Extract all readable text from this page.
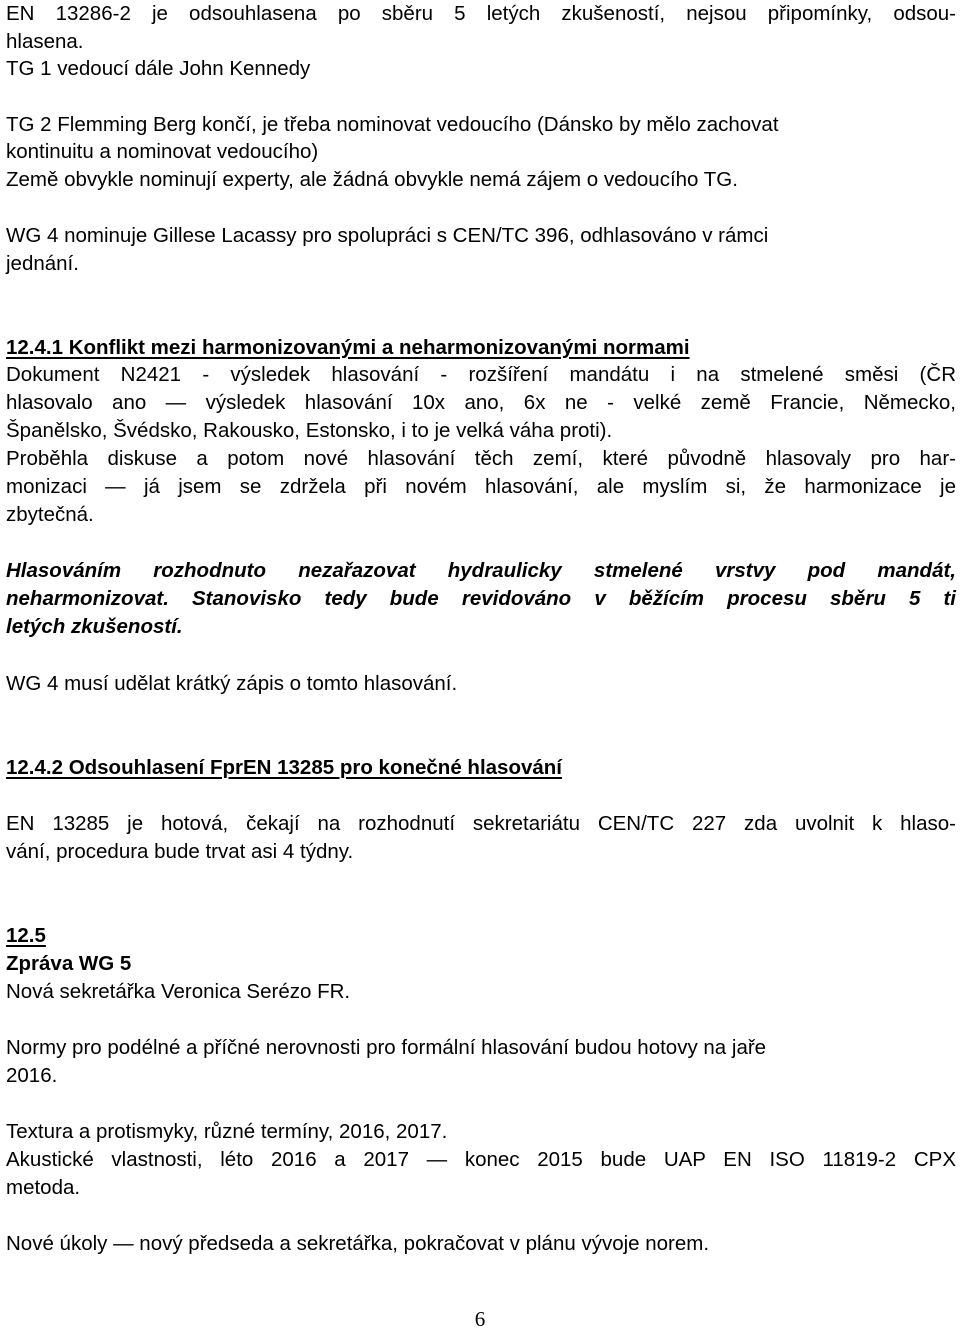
EN 13286-2 je odsouhlasena po sběru 5 letých zkušeností, nejsou připomínky, odsou-
hlasena.
TG 1 vedoucí dále John Kennedy
TG 2 Flemming Berg končí, je třeba nominovat vedoucího (Dánsko by mělo zachovat
kontinuitu a nominovat vedoucího)
Země obvykle nominují experty, ale žádná obvykle nemá zájem o vedoucího TG.
WG 4 nominuje Gillese Lacassy pro spolupráci s CEN/TC 396, odhlasováno v rámci
jednání.
12.4.1 Konflikt mezi harmonizovanými a neharmonizovanými normami
Dokument N2421 - výsledek hlasování - rozšíření mandátu i na stmelené směsi (ČR
hlasovalo ano — výsledek hlasování 10x ano, 6x ne - velké země Francie, Německo,
Španělsko, Švédsko, Rakousko, Estonsko, i to je velká váha proti).
Proběhla diskuse a potom nové hlasování těch zemí, které původně hlasovaly pro har-
monizaci — já jsem se zdržela při novém hlasování, ale myslím si, že harmonizace je
zbytečná.
Hlasováním rozhodnuto nezařazovat hydraulicky stmelené vrstvy pod mandát,
neharmonizovat. Stanovisko tedy bude revidováno v běžícím procesu sběru 5 ti
letých zkušeností.
WG 4 musí udělat krátký zápis o tomto hlasování.
12.4.2 Odsouhlasení FprEN 13285 pro konečné hlasování
EN 13285 je hotová, čekají na rozhodnutí sekretariátu CEN/TC 227 zda uvolnit k hlaso-
vání, procedura bude trvat asi 4 týdny.
12.5
Zpráva WG 5
Nová sekretářka Veronica Serézo FR.
Normy pro podélné a příčné nerovnosti pro formální hlasování budou hotovy na jaře
2016.
Textura a protismyky, různé termíny, 2016, 2017.
Akustické vlastnosti, léto 2016 a 2017 — konec 2015 bude UAP EN ISO 11819-2 CPX
metoda.
Nové úkoly — nový předseda a sekretářka, pokračovat v plánu vývoje norem.
6
